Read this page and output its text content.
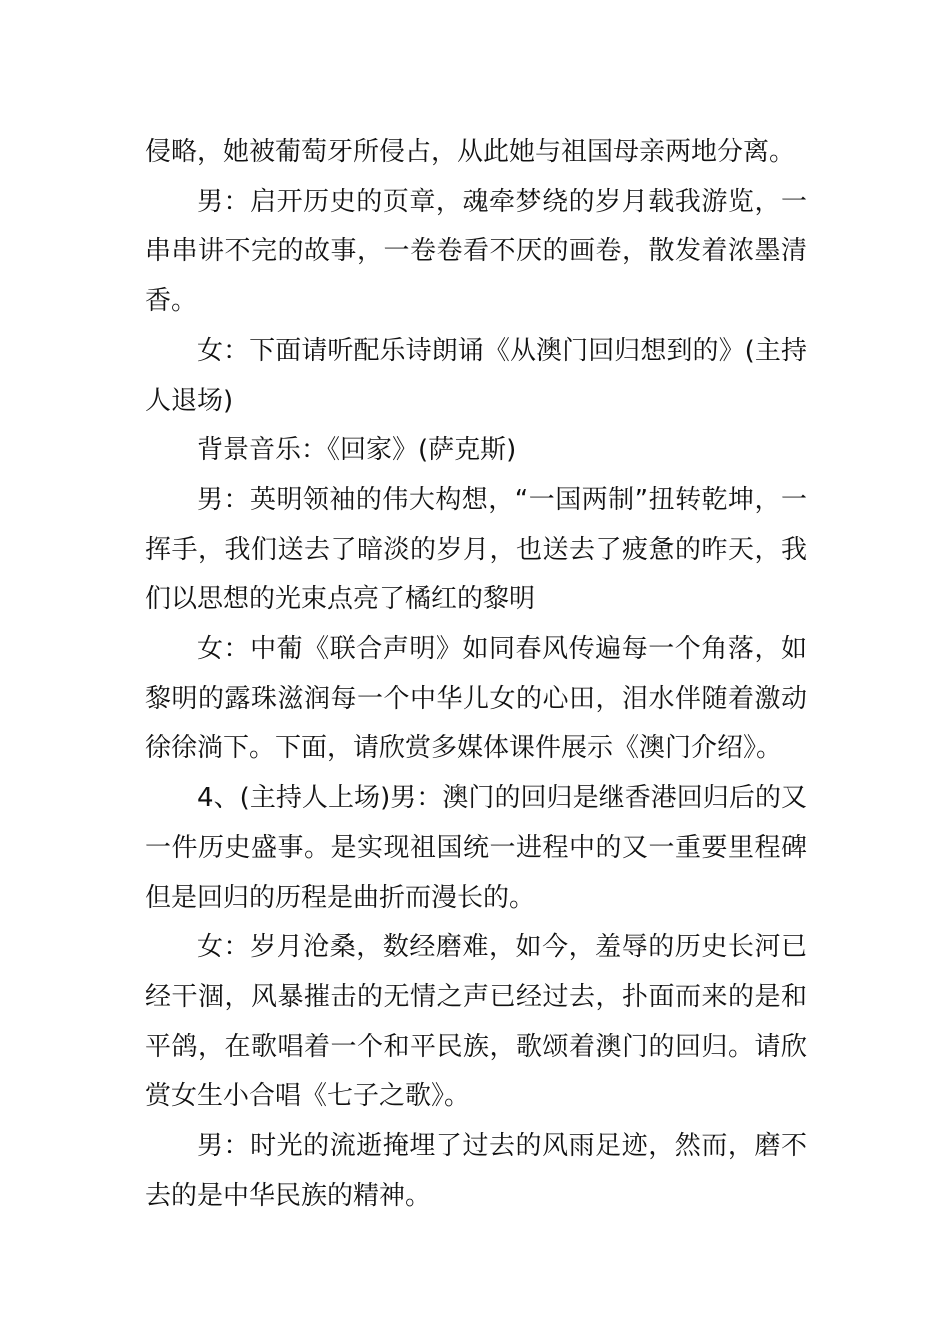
侵略，她被葡萄牙所侵占，从此她与祖国母亲两地分离。

男：启开历史的页章，魂牵梦绕的岁月载我游览，一串串讲不完的故事，一卷卷看不厌的画卷，散发着浓墨清香。

女：下面请听配乐诗朗诵《从澳门回归想到的》(主持人退场)

背景音乐：《回家》(萨克斯)

男：英明领袖的伟大构想，“一国两制”扭转乾坤，一挥手，我们送去了暗淡的岁月，也送去了疲惫的昨天，我们以思想的光束点亮了橘红的黎明

女：中葡《联合声明》如同春风传遍每一个角落，如黎明的露珠滋润每一个中华儿女的心田，泪水伴随着激动徐徐淌下。下面，请欣赏多媒体课件展示《澳门介绍》。

4、(主持人上场)男：澳门的回归是继香港回归后的又一件历史盛事。是实现祖国统一进程中的又一重要里程碑但是回归的历程是曲折而漫长的。

女：岁月沧桑，数经磨难，如今，羞辱的历史长河已经干涸，风暴摧击的无情之声已经过去，扑面而来的是和平鸽，在歌唱着一个和平民族，歌颂着澳门的回归。请欣赏女生小合唱《七子之歌》。

男：时光的流逝掩埋了过去的风雨足迹，然而，磨不去的是中华民族的精神。
